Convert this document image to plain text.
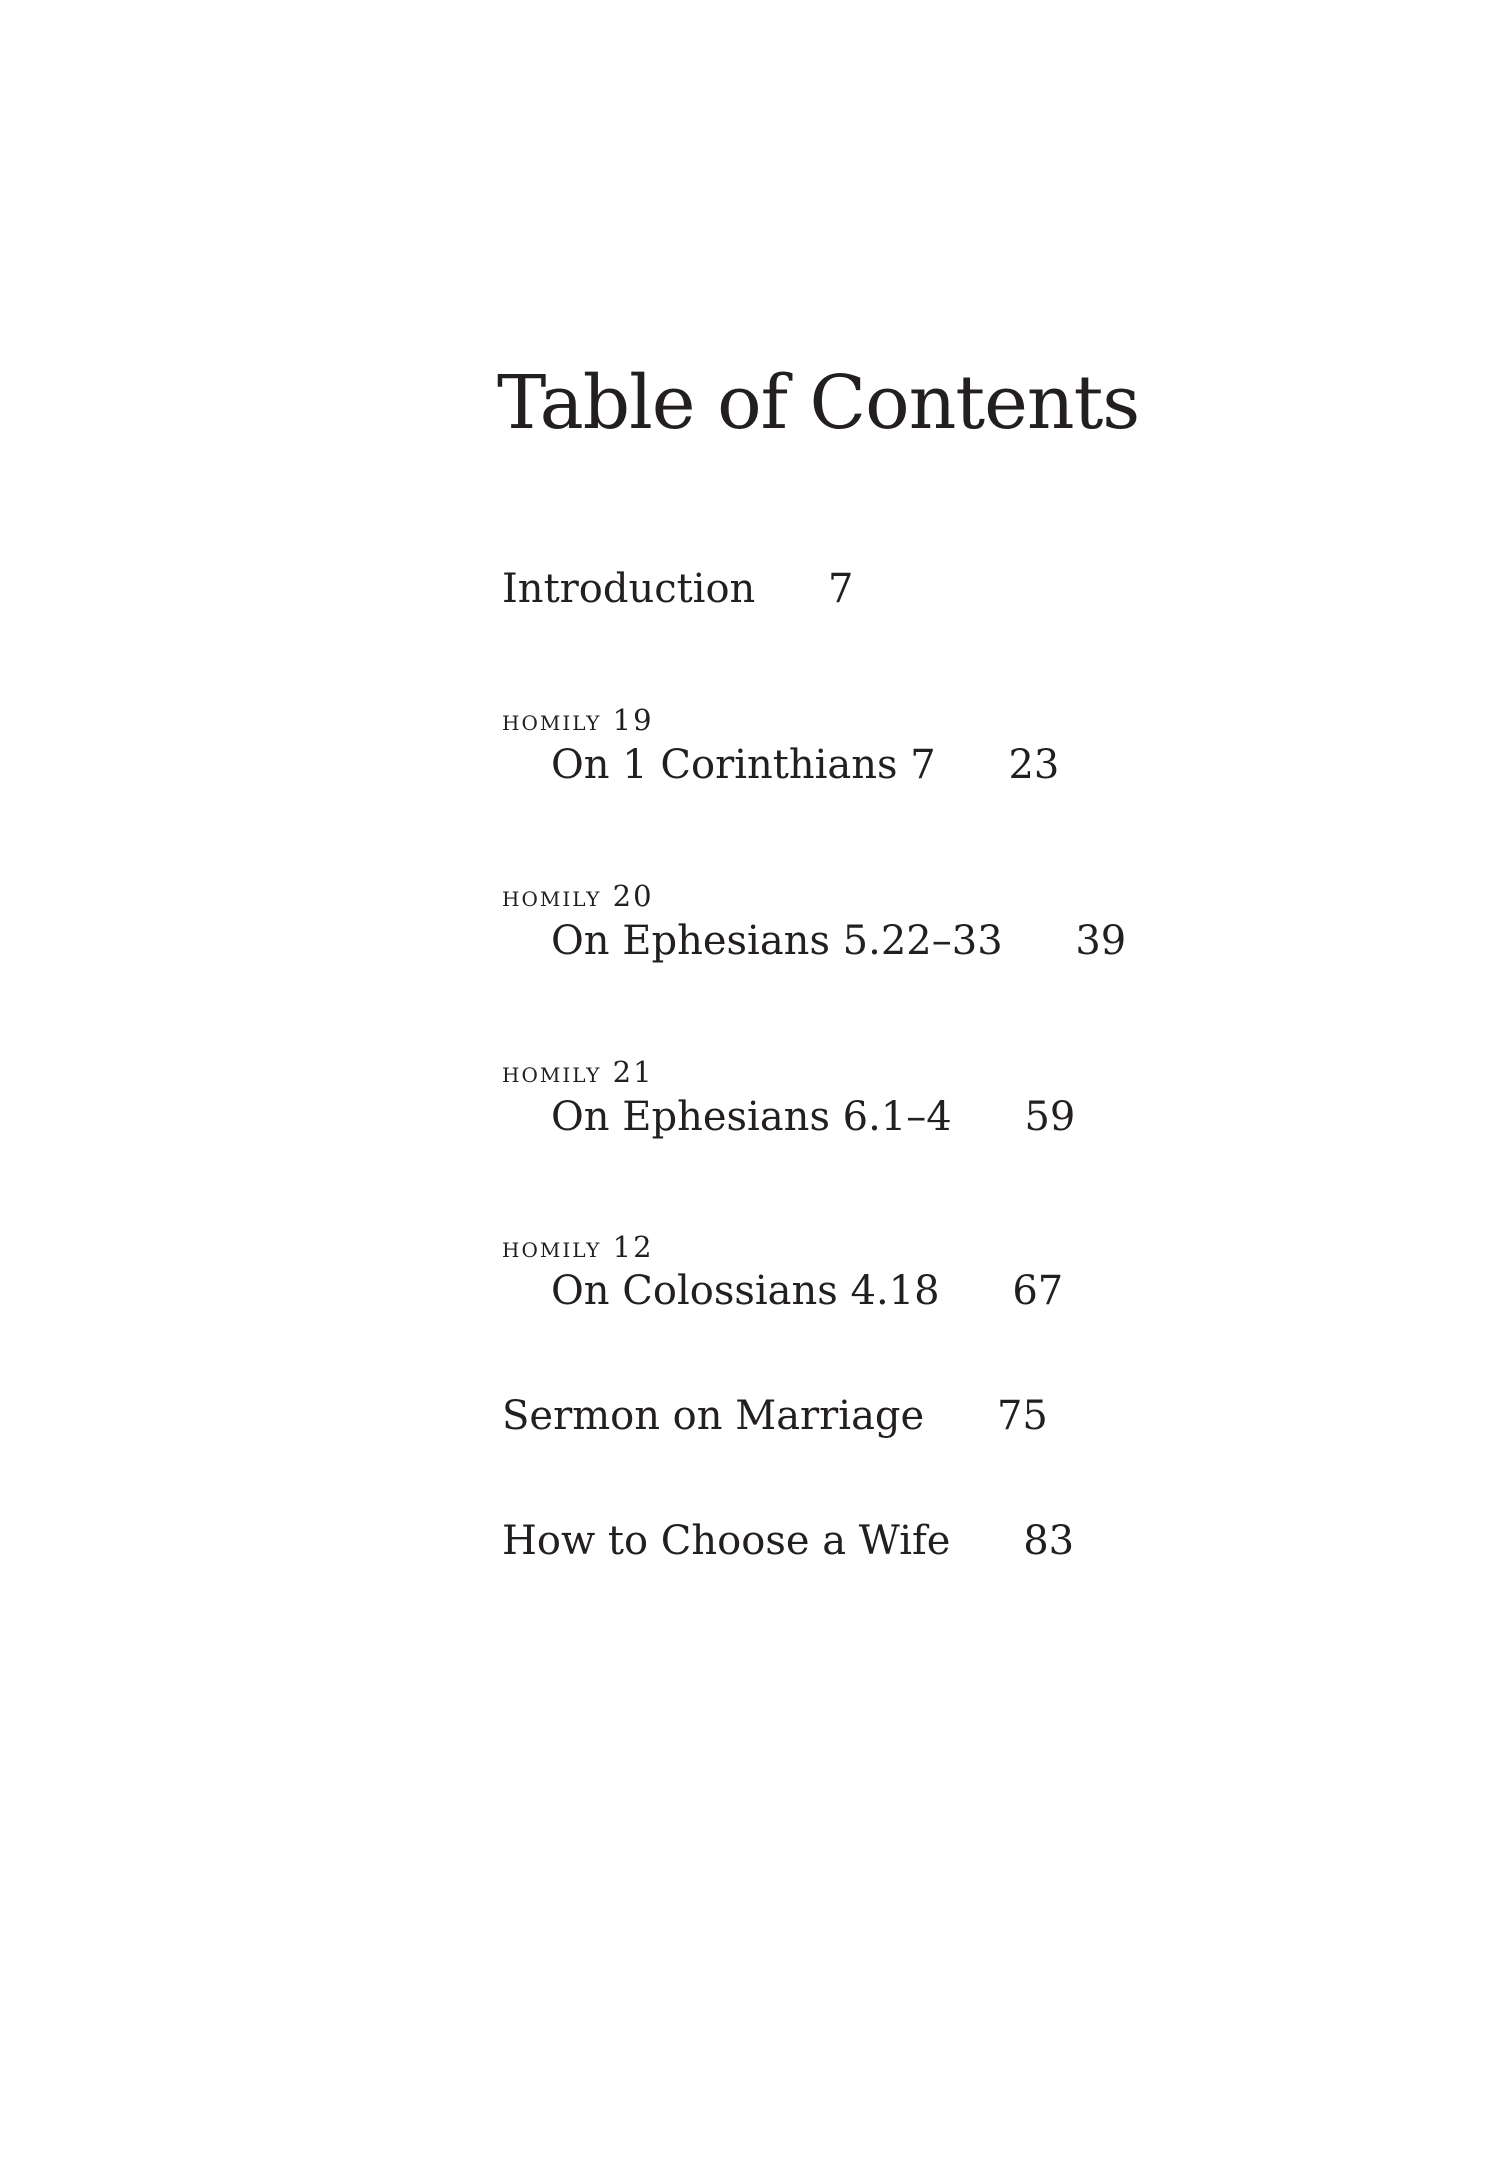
Table of Contents
Introduction 7
homily 19
On 1 Corinthians 7 23
homily 20
On Ephesians 5.22–33 39
homily 21
On Ephesians 6.1–4 59
homily 12
On Colossians 4.18 67
Sermon on Marriage 75
How to Choose a Wife 83
